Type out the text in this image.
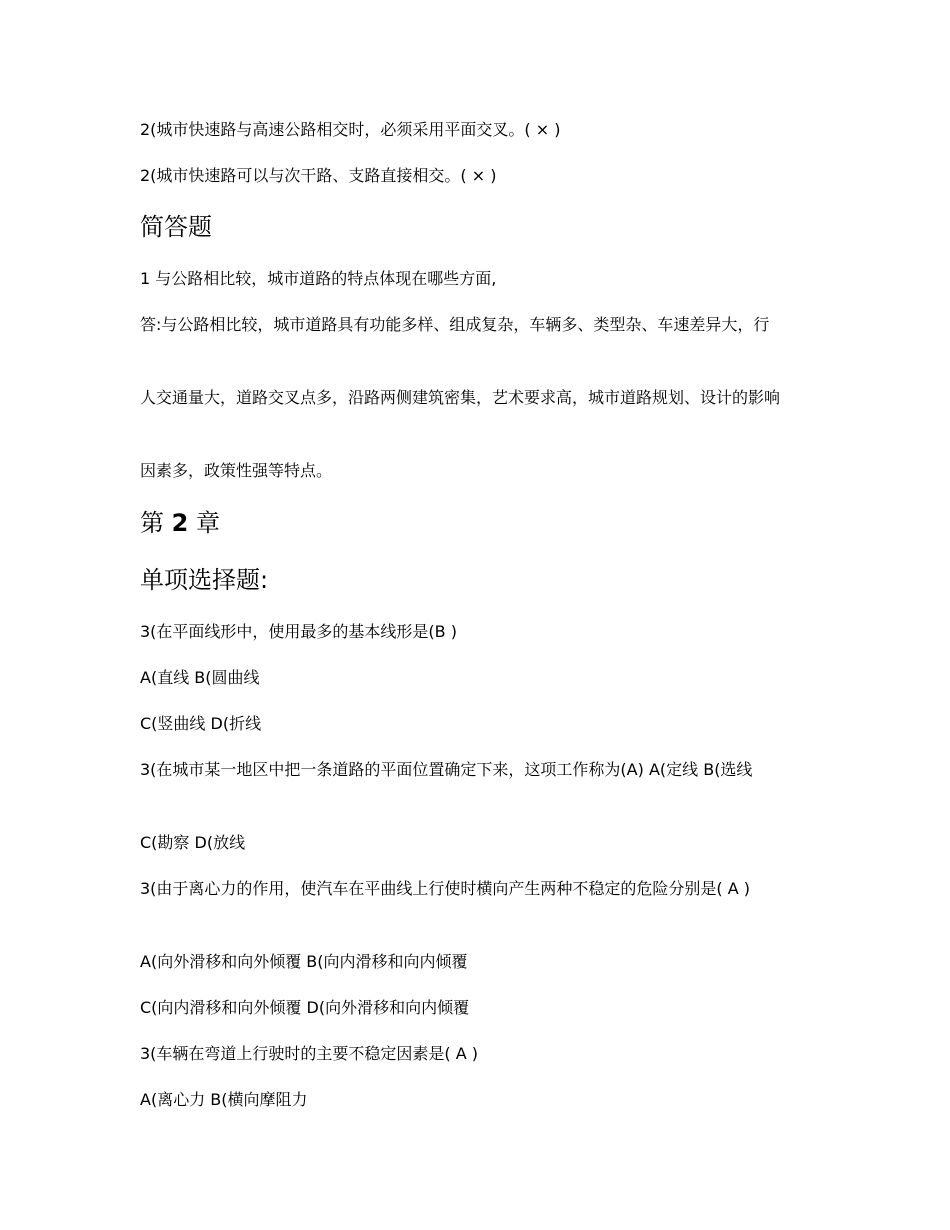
2(城市快速路与高速公路相交时，必须采用平面交叉。( × )
2(城市快速路可以与次干路、支路直接相交。( × )
简答题
1 与公路相比较，城市道路的特点体现在哪些方面,
答:与公路相比较，城市道路具有功能多样、组成复杂，车辆多、类型杂、车速差异大，行
人交通量大，道路交叉点多，沿路两侧建筑密集，艺术要求高，城市道路规划、设计的影响
因素多，政策性强等特点。
第 2 章
单项选择题:
3(在平面线形中，使用最多的基本线形是(B )
A(直线 B(圆曲线
C(竖曲线 D(折线
3(在城市某一地区中把一条道路的平面位置确定下来，这项工作称为(A) A(定线 B(选线
C(勘察 D(放线
3(由于离心力的作用，使汽车在平曲线上行使时横向产生两种不稳定的危险分别是( A )
A(向外滑移和向外倾覆 B(向内滑移和向内倾覆
C(向内滑移和向外倾覆 D(向外滑移和向内倾覆
3(车辆在弯道上行驶时的主要不稳定因素是( A )
A(离心力 B(横向摩阻力
